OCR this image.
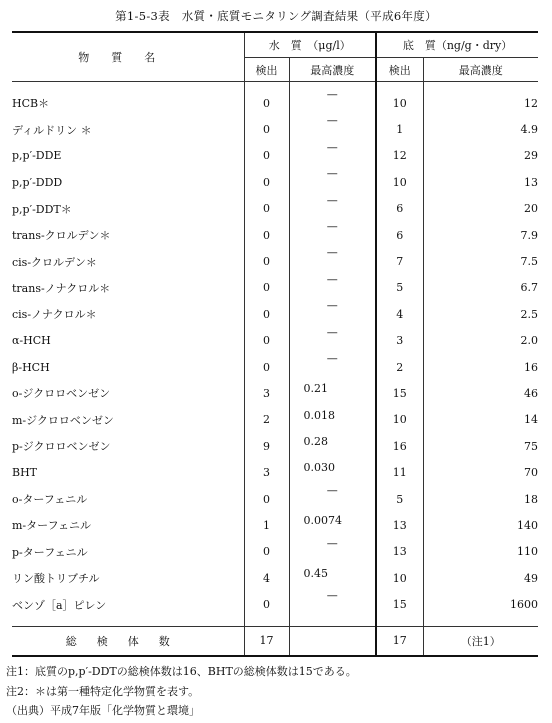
第1-5-3表　水質・底質モニタリング調査結果（平成6年度）
物質名	水　質　（μg/l）		底　質（ng/g・dry）	
	検出	最高濃度	検出	最高濃度

HCB＊	0	—	10	12
ディルドリン ＊	0	—	1	4.9
p,p′-DDE	0	—	12	29
p,p′-DDD	0	—	10	13
p,p′-DDT＊	0	—	6	20
trans-クロルデン＊	0	—	6	7.9
cis-クロルデン＊	0	—	7	7.5
trans-ノナクロル＊	0	—	5	6.7
cis-ノナクロル＊	0	—	4	2.5
α-HCH	0	—	3	2.0
β-HCH	0	—	2	16
o-ジクロロベンゼン	3	0.21	15	46
m-ジクロロベンゼン	2	0.018	10	14
p-ジクロロベンゼン	9	0.28	16	75
BHT	3	0.030	11	70
o-ターフェニル	0	—	5	18
m-ターフェニル	1	0.0074	13	140
p-ターフェニル	0	—	13	110
リン酸トリブチル	4	0.45	10	49
ベンゾ［a］ピレン	0	—	15	1600

総検体数	17		17	（注1）
注1：底質のp,p′-DDTの総検体数は16、BHTの総検体数は15である。
注2：＊は第一種特定化学物質を表す。
（出典）平成7年版「化学物質と環境」
